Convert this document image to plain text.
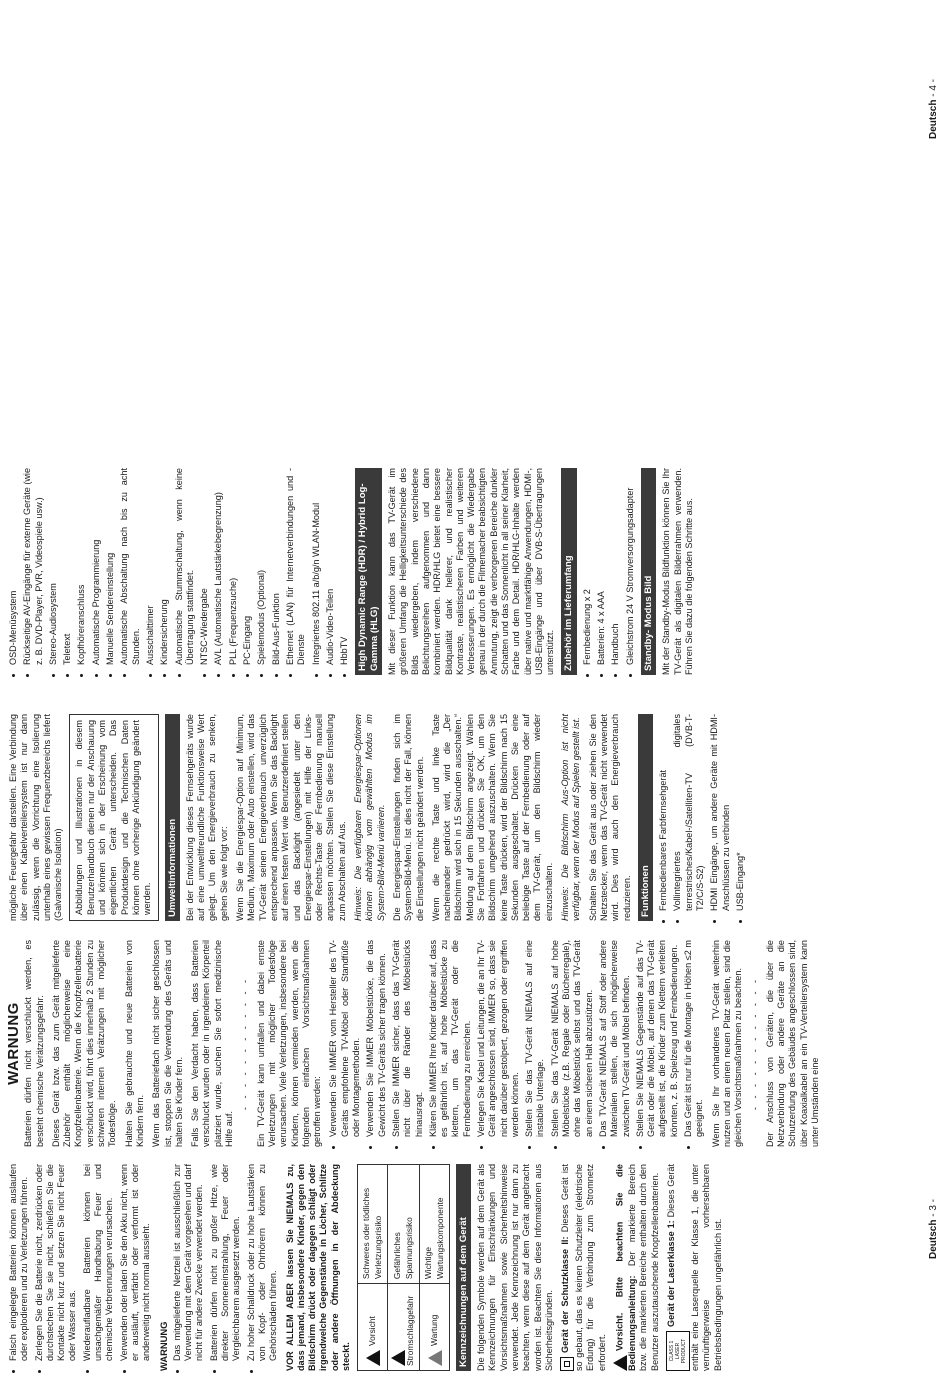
• Falsch eingelegte Batterien können auslaufen oder explodieren und zu Verletzungen führen. • Zerlegen Sie die Batterie nicht, zerdrücken oder durchstechen Sie sie nicht, schließen Sie die Kontakte nicht kurz und setzen Sie nicht Feuer oder Wasser aus. • Wiederaufladbare Batterien können bei unsachgemäßer Handhabung Feuer und chemische Verbrennungen verursachen. • Verwenden oder laden Sie den Akku nicht, wenn er ausläuft, verfärbt oder verformt ist oder anderweitig nicht normal aussieht. WARNUNG • Das mitgelieferte Netzteil ist ausschließlich zur Verwendung mit dem Gerät vorgesehen und darf nicht für andere Zwecke verwendet werden. • Batterien dürfen nicht zu großer Hitze, wie direkter Sonneneinstrahlung, Feuer oder Vergleichbarem ausgesetzt werden. • Zu hoher Schalldruck oder zu hohe Lautstärken von Kopf- oder Ohrhörern können zu Gehörschäden führen. VOR ALLEM ABER lassen Sie NIEMALS zu, dass jemand, insbesondere Kinder, gegen den Bildschirm drückt oder dagegen schlägt oder irgendwelche Gegenstände in Löcher, Schlitze oder andere Öffnungen in der Abdeckung steckt.

Vorsicht	Schweres oder tödliches Verletzungsrisiko
Stromschlaggefahr	Gefährliches Spannungsrisiko
Wartung	Wichtige Wartungskomponente Kennzeichnungen auf dem Gerät Die folgenden Symbole werden auf dem Gerät als Kennzeichnungen für Einschränkungen und Vorsichtsmaßnahmen sowie Sicherheitshinweise verwendet. Jede Kennzeichnung ist nur dann zu beachten, wenn diese auf dem Gerät angebracht worden ist. Beachten Sie diese Informationen aus Sicherheitsgründen. Gerät der Schutzklasse II: Dieses Gerät ist so gebaut, das es keinen Schutzleiter (elektrische Erdung) für die Verbindung zum Stromnetz erfordert.

Vorsicht. Bitte beachten Sie die Bedienungsanleitung: Der markierte Bereich bzw. die markierten Bereiche enthalten durch den Benutzer auszutauschende Knopfzellenbatterien.	CLASS 1 LASER PRODUCTGerät der Laserklasse 1: Dieses Gerät enthält eine Laserquelle der Klasse 1, die unter vernünftigerweise vorhersehbaren Betriebsbedingungen ungefährlich ist.

WARNUNG Batterien dürfen nicht verschluckt werden, es besteht chemische Verätzungsgefahr. Dieses Gerät bzw. das zum Gerät mitgelieferte Zubehör enthält möglicherweise eine Knopfzellenbatterie. Wenn die Knopfzellenbatterie verschluckt wird, führt dies innerhalb 2 Stunden zu schweren internen Verätzungen mit möglicher Todesfolge. Halten Sie gebrauchte und neue Batterien von Kindern fern. Wenn das Batteriefach nicht sicher geschlossen ist, stoppen Sie die Verwendung des Geräts und halten Sie Kinder fern. Falls Sie den Verdacht haben, dass Batterien verschluckt wurden oder in irgendeinen Körperteil platziert wurde, suchen Sie sofort medizinische Hilfe auf.

- - - - - - - - - - - - Ein TV-Gerät kann umfallen und dabei ernste Verletzungen mit möglicher Todesfolge verursachen. Viele Verletzungen, insbesondere bei Kindern, können vermieden werden, wenn die folgenden einfachen Vorsichtsmaßnahmen getroffen werden: • Verwenden Sie IMMER vom Hersteller des TV-Geräts empfohlene TV-Möbel oder Standfüße oder Montagemethoden. • Verwenden Sie IMMER Möbelstücke, die das Gewicht des TV-Geräts sicher tragen können. • Stellen Sie IMMER sicher, dass das TV-Gerät nicht über die Ränder des Möbelstücks hinausragt. • Klären Sie IMMER Ihre Kinder darüber auf, dass es gefährlich ist, auf hohe Möbelstücke zu klettern, um das TV-Gerät oder die Fernbedienung zu erreichen. • Verlegen Sie Kabel und Leitungen, die an Ihr TV-Gerät angeschlossen sind, IMMER so, dass sie nicht darüber gestolpert, gezogen oder ergriffen werden können. • Stellen Sie das TV-Gerät NIEMALS auf eine instabile Unterlage. • Stellen Sie das TV-Gerät NIEMALS auf hohe Möbelstücke (z.B. Regale oder Bücherregale), ohne das Möbelstück selbst und das TV-Gerät an einem sicheren Halt abzustützen. • Das TV-Gerät NIEMALS auf Stoff oder andere Materialien stellen, die sich möglicherweise zwischen TV-Gerät und Möbel befinden. • Stellen Sie NIEMALS Gegenstände auf das TV-Gerät oder die Möbel, auf denen das TV-Gerät aufgestellt ist, die Kinder zum Klettern verleiten könnten, z. B. Spielzeug und Fernbedienungen. • Das Gerät ist nur für die Montage in Höhen ≤2 m geeignet. Wenn Sie Ihr vorhandenes TV-Gerät weiterhin nutzen und an einen neuen Platz stellen, sind die gleichen Vorsichtsmaßnahmen zu beachten. - - - - - - - - - - - - Der Anschluss von Geräten, die über die Netzverbindung oder andere Geräte an die Schutzerdung des Gebäudes angeschlossen sind, über Koaxialkabel an ein TV-Verteilersystem kann unter Umständen eine

mögliche Feuergefahr darstellen. Eine Verbindung über einen Kabelverteilersystem ist nur dann zulässig, wenn die Vorrichtung eine Isolierung unterhalb eines gewissen Frequenzbereichs liefert (Galvanische Isolation)	Abbildungen und Illustrationen in diesem Benutzerhandbuch dienen nur der Anschauung und können sich in der Erscheinung vom eigentlichen Gerät unterscheiden. Das Produktdesign und die Technischen Daten können ohne vorherige Ankündigung geändert werden.	Umweltinformationen Bei der Entwicklung dieses Fernsehgeräts wurde auf eine umweltfreundliche Funktionsweise Wert gelegt. Um den Energieverbrauch zu senken, gehen Sie wie folgt vor: Wenn Sie die Energiespar-Option auf Minimum, Medium, Maximum oder Auto einstellen, wird das TV-Gerät seinen Energieverbrauch unverzüglich entsprechend anpassen. Wenn Sie das Backlight auf einen festen Wert wie Benutzerdefiniert stellen und das Backlight (angesiedelt unter den Energiespar-Einstellungen) mit Hilfe der Links- oder Rechts-Taste der Fernbedienung manuell anpassen möchten. Stellen Sie diese Einstellung zum Abschalten auf Aus. Hinweis: Die verfügbaren Energiespar-Optionen können abhängig vom gewählten Modus im System>Bild-Menü variieren. Die Energiespar-Einstellungen finden sich im System>Bild-Menü. Ist dies nicht der Fall, können die Einstellungen nicht geändert werden. Wenn die rechte Taste und linke Taste nacheinander gedrückt wird, wird die „Der Bildschirm wird sich in 15 Sekunden ausschalten.“ Meldung auf dem Bildschirm angezeigt. Wählen Sie Fortfahren und drücken Sie OK, um den Bildschirm umgehend auszuschalten. Wenn Sie keine Taste drücken, wird der Bildschirm nach 15 Sekunden ausgeschaltet. Drücken Sie eine beliebige Taste auf der Fernbedienung oder auf dem TV-Gerät, um den Bildschirm wieder einzuschalten. Hinweis: Die Bildschirm Aus-Option ist nicht verfügbar, wenn der Modus auf Spielen gestellt ist. Schalten Sie das Gerät aus oder ziehen Sie den Netzstecker, wenn das TV-Gerät nicht verwendet wird. Dies wird auch den Energieverbrauch reduzieren. Funktionen • Fernbedienbares Farbfernsehgerät • Vollintegriertes digitales terrestrisches/Kabel-/Satelliten-TV (DVB-T-T2/C/S-S2) • HDMI Eingänge, um andere Geräte mit HDMI-Anschlüssen zu verbinden • USB-Eingang*
Deutsch - 3 -
• OSD-Menüsystem • Rückseitige AV-Eingänge für externe Geräte (wie z. B. DVD-Player, PVR, Videospiele usw.) • Stereo-Audiosystem • Teletext • Kopfhöreranschluss • Automatische Programmierung • Manuelle Sendereinstellung • Automatische Abschaltung nach bis zu acht Stunden. • Ausschalttimer • Kindersicherung • Automatische Stummschaltung, wenn keine Übertragung stattfindet. • NTSC-Wiedergabe • AVL (Automatische Lautstärkebegrenzung) • PLL (Frequenzsuche) • PC-Eingang • Spielemodus (Optional) • Bild-Aus-Funktion • Ethernet (LAN) für Internetverbindungen und -Dienste • Integriertes 802.11 a/b/g/n WLAN-Modul • Audio-Video-Teilen • HbbTV High Dynamic Range (HDR) / Hybrid Log-Gamma (HLG) Mit dieser Funktion kann das TV-Gerät im größeren Umfang die Helligkeitsunterschiede des Bilds wiedergeben, indem verschiedene Belichtungsreihen aufgenommen und dann kombiniert werden. HDR/HLG bietet eine bessere Bildqualität dank hellerer, und realistischer Kontraste, realistischeren Farben und weiteren Verbesserungen. Es ermöglicht die Wiedergabe genau in der durch die Filmemacher beabsichtigten Anmutung, zeigt die verborgenen Bereiche dunkler Schatten und das Sonnenlicht in all seiner Klarheit, Farbe und dem Detail. HDR/HLG-Inhalte werden über native und marktfähige Anwendungen, HDMI-, USB-Eingänge und über DVB-S-Übertragungen unterstützt. Zubehör im Lieferumfang • Fernbedienung x 2 • Batterien: 4 x AAA • Handbuch • Gleichstrom 24 V Stromversorgungsadapter Standby- Modus Bild Mit der Standby-Modus Bildfunktion können Sie Ihr TV-Gerät als digitalen Bilderrahmen verwenden. Führen Sie dazu die folgenden Schritte aus.

Deutsch - 4 -
